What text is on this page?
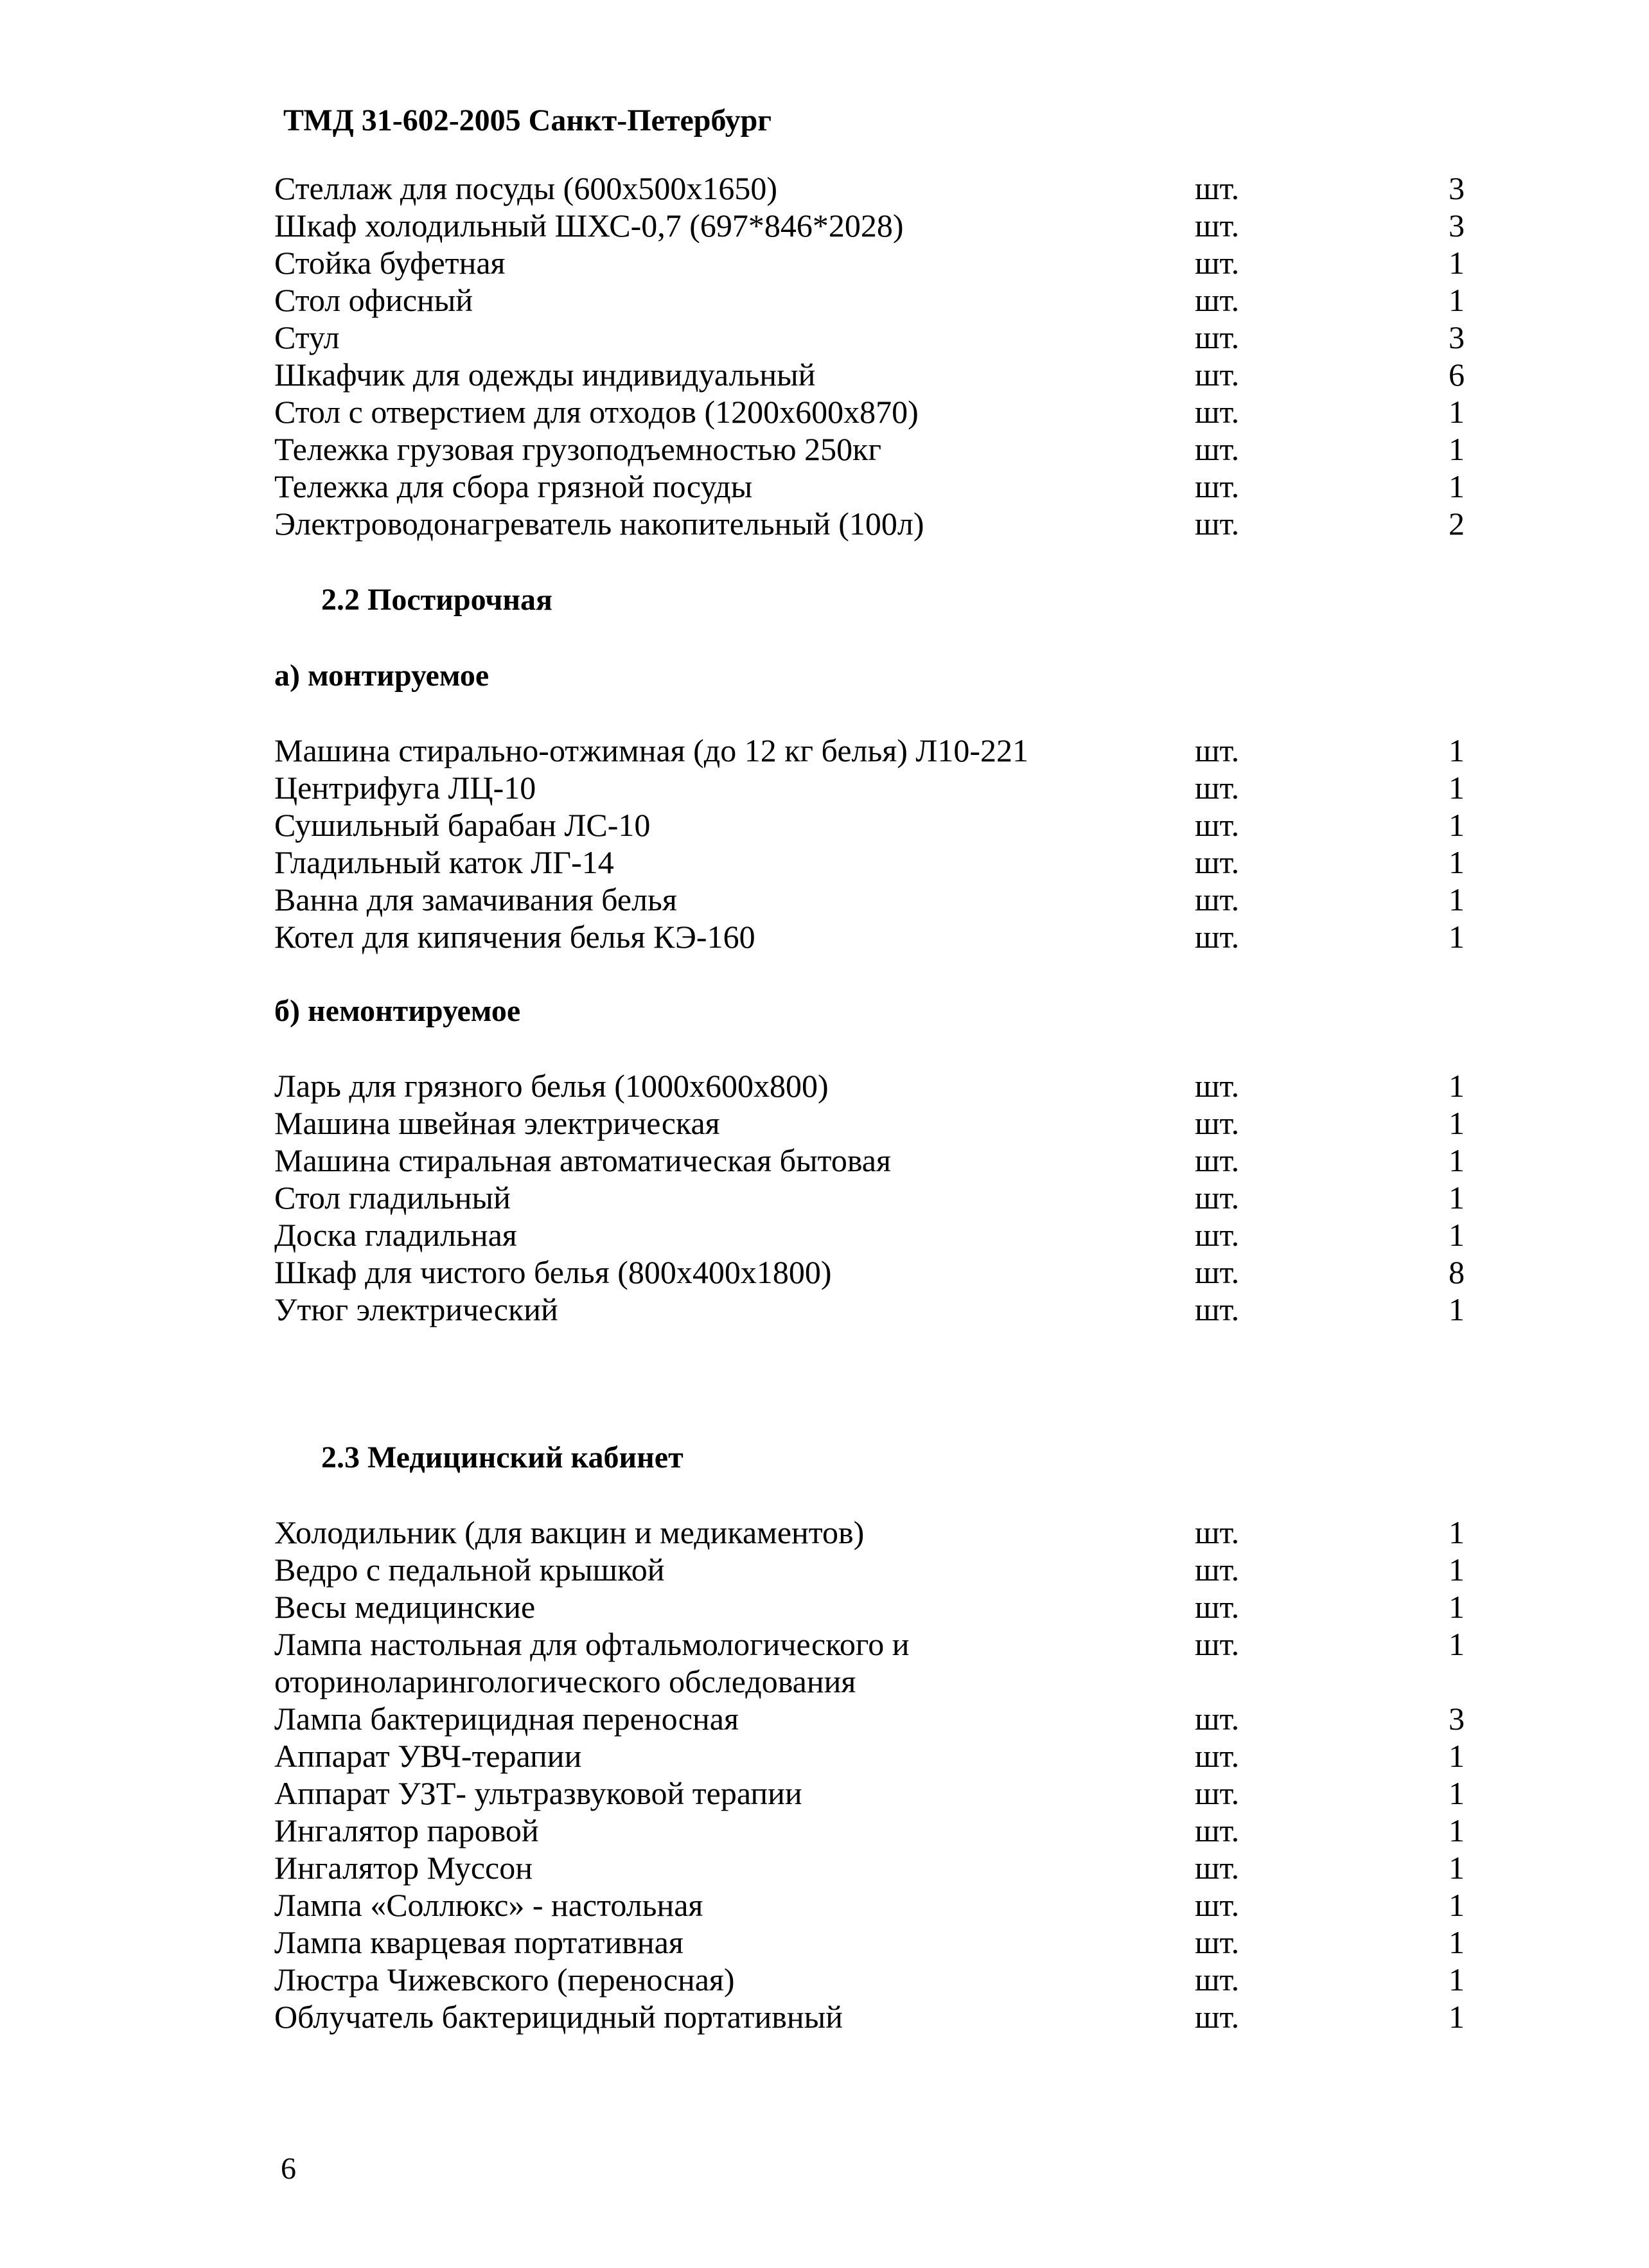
ТМД 31-602-2005 Санкт-Петербург
Стеллаж для посуды (600х500х1650)	шт.	3
Шкаф холодильный ШХС-0,7 (697*846*2028)	шт.	3
Стойка буфетная	шт.	1
Стол офисный	шт.	1
Стул	шт.	3
Шкафчик для одежды индивидуальный	шт.	6
Стол с отверстием для отходов (1200х600х870)	шт.	1
Тележка грузовая грузоподъемностью 250кг	шт.	1
Тележка для сбора грязной посуды	шт.	1
Электроводонагреватель накопительный (100л)	шт.	2
2.2 Постирочная
а) монтируемое
Машина стирально-отжимная (до 12 кг белья) Л10-221	шт.	1
Центрифуга ЛЦ-10	шт.	1
Сушильный барабан ЛС-10	шт.	1
Гладильный каток ЛГ-14	шт.	1
Ванна для замачивания белья	шт.	1
Котел для кипячения белья КЭ-160	шт.	1
б) немонтируемое
Ларь для грязного белья (1000х600х800)	шт.	1
Машина швейная электрическая	шт.	1
Машина стиральная автоматическая бытовая	шт.	1
Стол гладильный	шт.	1
Доска гладильная	шт.	1
Шкаф для чистого белья (800х400х1800)	шт.	8
Утюг электрический	шт.	1
2.3 Медицинский кабинет
Холодильник (для вакцин и медикаментов)	шт.	1
Ведро с педальной крышкой	шт.	1
Весы медицинские	шт.	1
Лампа настольная для офтальмологического и	шт.	1
оториноларингологического обследования
Лампа бактерицидная переносная	шт.	3
Аппарат УВЧ-терапии	шт.	1
Аппарат УЗТ- ультразвуковой терапии	шт.	1
Ингалятор паровой	шт.	1
Ингалятор Муссон	шт.	1
Лампа «Соллюкс» - настольная	шт.	1
Лампа кварцевая портативная	шт.	1
Люстра Чижевского (переносная)	шт.	1
Облучатель бактерицидный портативный	шт.	1
6
